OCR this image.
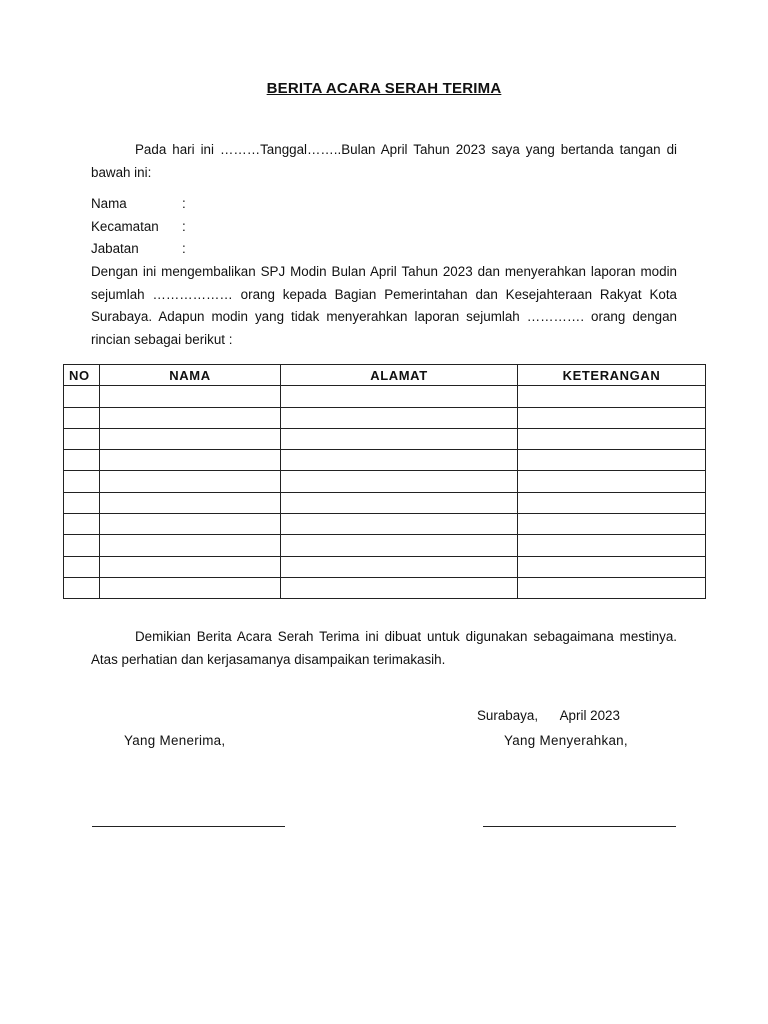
BERITA ACARA SERAH TERIMA
Pada hari ini ………Tanggal……..Bulan April Tahun 2023 saya yang bertanda tangan di bawah ini:
Nama	:
Kecamatan	:
Jabatan	:
Dengan ini mengembalikan SPJ Modin Bulan April Tahun 2023 dan menyerahkan laporan modin sejumlah ……………… orang kepada Bagian Pemerintahan dan Kesejahteraan Rakyat Kota Surabaya. Adapun modin yang tidak menyerahkan laporan sejumlah …………. orang dengan rincian sebagai berikut :
NO	NAMA	ALAMAT	KETERANGAN

Demikian Berita Acara Serah Terima ini dibuat untuk digunakan sebagaimana mestinya. Atas perhatian dan kerjasamanya disampaikan terimakasih.
Surabaya,      April 2023
Yang Menerima,	Yang Menyerahkan,
